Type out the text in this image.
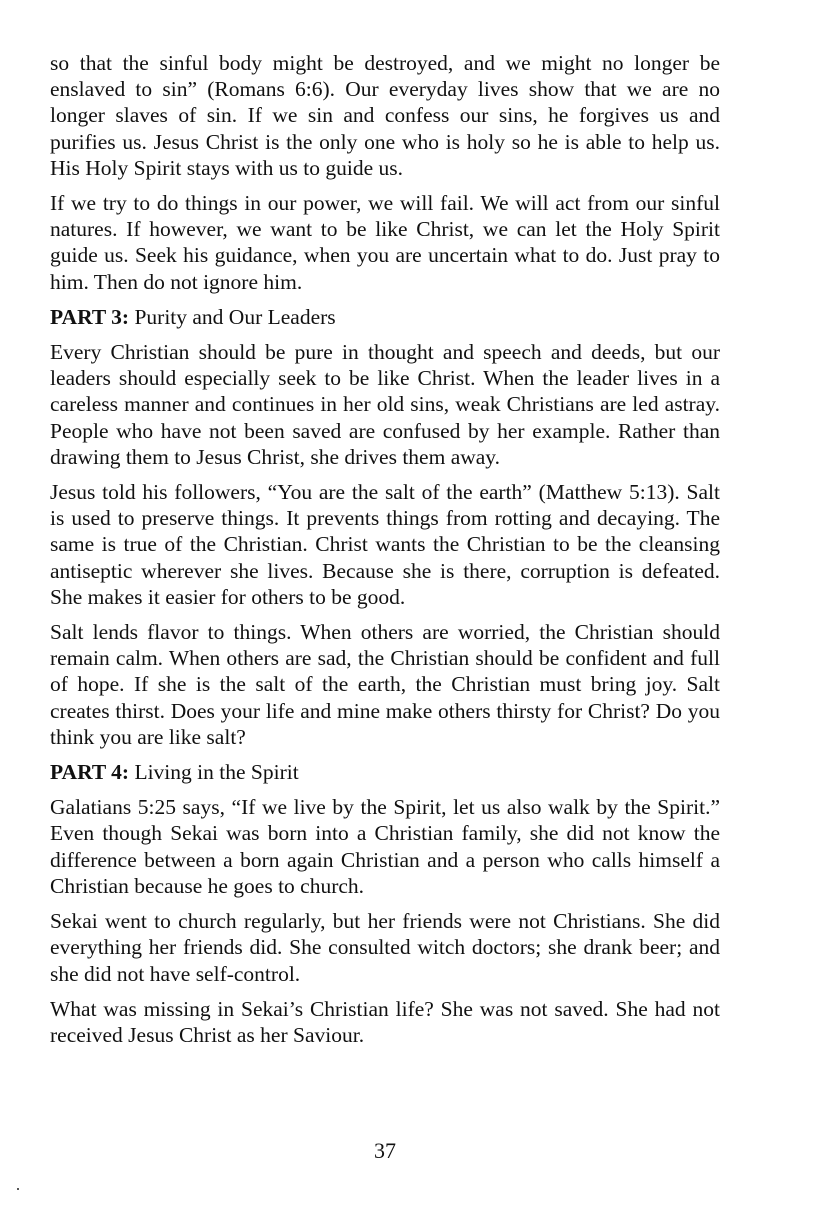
so that the sinful body might be destroyed, and we might no longer be enslaved to sin” (Romans 6:6). Our everyday lives show that we are no longer slaves of sin. If we sin and confess our sins, he forgives us and purifies us. Jesus Christ is the only one who is holy so he is able to help us. His Holy Spirit stays with us to guide us.

If we try to do things in our power, we will fail. We will act from our sinful natures. If however, we want to be like Christ, we can let the Holy Spirit guide us. Seek his guidance, when you are uncertain what to do. Just pray to him. Then do not ignore him.

PART 3: Purity and Our Leaders

Every Christian should be pure in thought and speech and deeds, but our leaders should especially seek to be like Christ. When the leader lives in a careless manner and continues in her old sins, weak Christians are led astray. People who have not been saved are confused by her example. Rather than drawing them to Jesus Christ, she drives them away.

Jesus told his followers, “You are the salt of the earth” (Matthew 5:13). Salt is used to preserve things. It prevents things from rotting and decaying. The same is true of the Christian. Christ wants the Christian to be the cleansing antiseptic wherever she lives. Because she is there, corruption is defeated. She makes it easier for others to be good.

Salt lends flavor to things. When others are worried, the Christian should remain calm. When others are sad, the Christian should be confident and full of hope. If she is the salt of the earth, the Christian must bring joy. Salt creates thirst. Does your life and mine make others thirsty for Christ? Do you think you are like salt?

PART 4: Living in the Spirit

Galatians 5:25 says, “If we live by the Spirit, let us also walk by the Spirit.” Even though Sekai was born into a Christian family, she did not know the difference between a born again Christian and a person who calls himself a Christian because he goes to church.

Sekai went to church regularly, but her friends were not Christians. She did everything her friends did. She consulted witch doctors; she drank beer; and she did not have self-control.

What was missing in Sekai’s Christian life? She was not saved. She had not received Jesus Christ as her Saviour.

37
